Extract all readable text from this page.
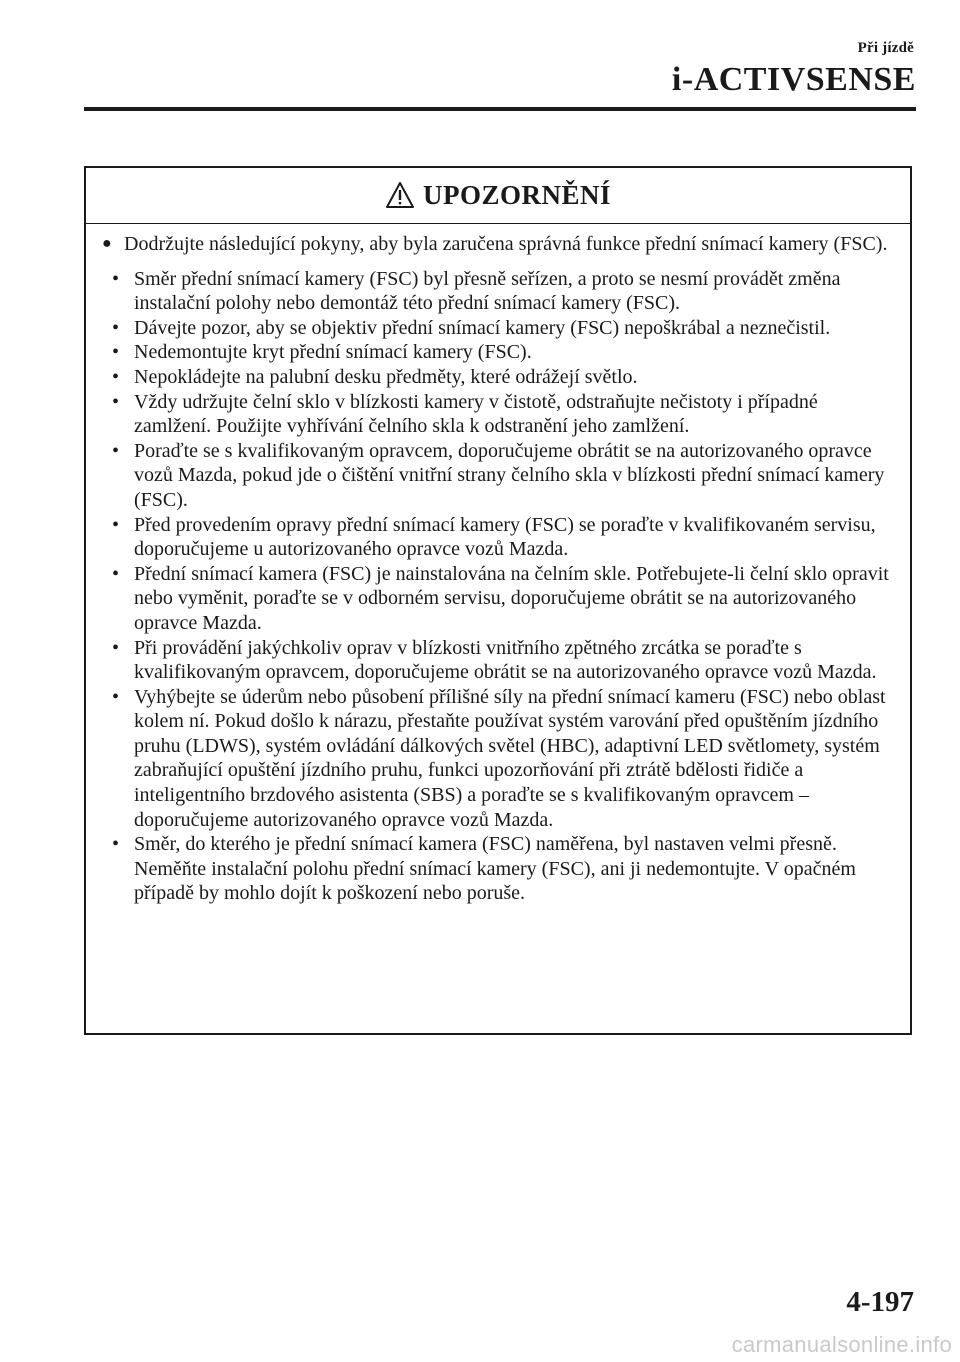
Při jízdě
i-ACTIVSENSE
UPOZORNĚNÍ
● Dodržujte následující pokyny, aby byla zaručena správná funkce přední snímací kamery (FSC).
• Směr přední snímací kamery (FSC) byl přesně seřízen, a proto se nesmí provádět změna instalační polohy nebo demontáž této přední snímací kamery (FSC).
• Dávejte pozor, aby se objektiv přední snímací kamery (FSC) nepoškrábal a neznečistil.
• Nedemontujte kryt přední snímací kamery (FSC).
• Nepokládejte na palubní desku předměty, které odrážejí světlo.
• Vždy udržujte čelní sklo v blízkosti kamery v čistotě, odstraňujte nečistoty i případné zamlžení. Použijte vyhřívání čelního skla k odstranění jeho zamlžení.
• Poraďte se s kvalifikovaným opravcem, doporučujeme obrátit se na autorizovaného opravce vozů Mazda, pokud jde o čištění vnitřní strany čelního skla v blízkosti přední snímací kamery (FSC).
• Před provedením opravy přední snímací kamery (FSC) se poraďte v kvalifikovaném servisu, doporučujeme u autorizovaného opravce vozů Mazda.
• Přední snímací kamera (FSC) je nainstalována na čelním skle. Potřebujete-li čelní sklo opravit nebo vyměnit, poraďte se v odborném servisu, doporučujeme obrátit se na autorizovaného opravce Mazda.
• Při provádění jakýchkoliv oprav v blízkosti vnitřního zpětného zrcátka se poraďte s kvalifikovaným opravcem, doporučujeme obrátit se na autorizovaného opravce vozů Mazda.
• Vyhýbejte se úderům nebo působení přílišné síly na přední snímací kameru (FSC) nebo oblast kolem ní. Pokud došlo k nárazu, přestaňte používat systém varování před opuštěním jízdního pruhu (LDWS), systém ovládání dálkových světel (HBC), adaptivní LED světlomety, systém zabraňující opuštění jízdního pruhu, funkci upozorňování při ztrátě bdělosti řidiče a inteligentního brzdového asistenta (SBS) a poraďte se s kvalifikovaným opravcem – doporučujeme autorizovaného opravce vozů Mazda.
• Směr, do kterého je přední snímací kamera (FSC) naměřena, byl nastaven velmi přesně. Neměňte instalační polohu přední snímací kamery (FSC), ani ji nedemontujte. V opačném případě by mohlo dojít k poškození nebo poruše.
4-197
carmanualsonline.info
